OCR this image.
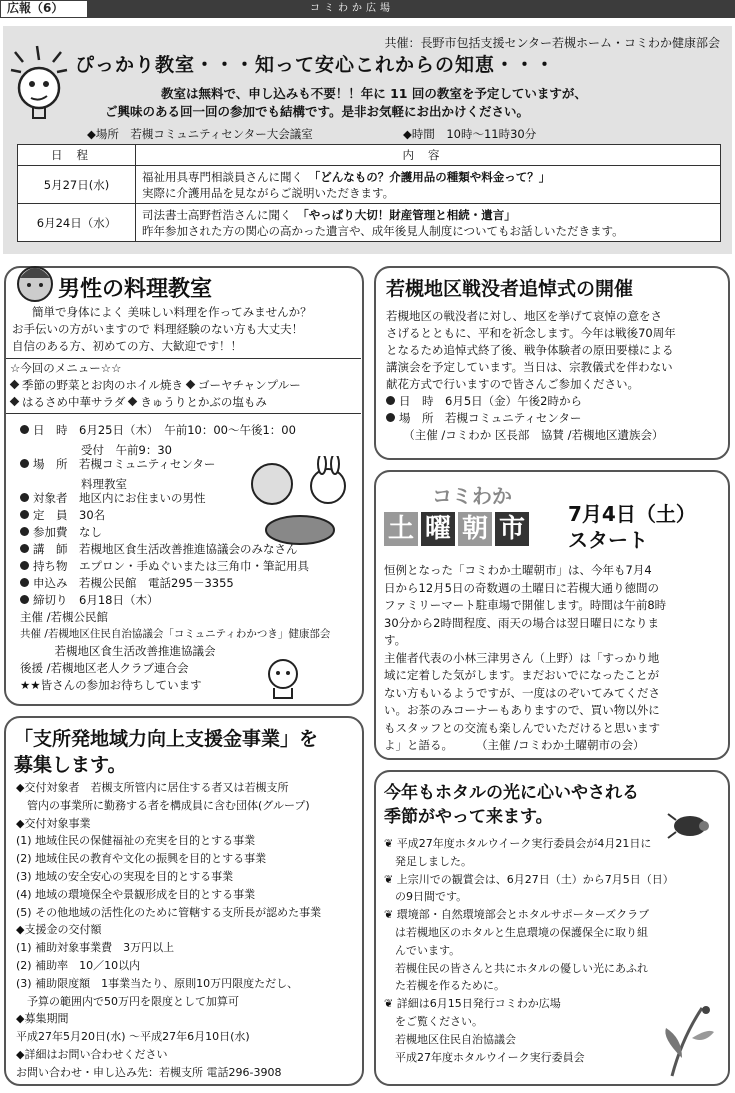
広報（6）	コミわか広場
共催：長野市包括支援センター若槻ホーム・コミわか健康部会
ぴっかり教室・・・知って安心これからの知恵・・・
教室は無料で、申し込みも不要！！年に 11 回の教室を予定していますが、
ご興味のある回一回の参加でも結構です。是非お気軽にお出かけください。
◆場所　若槻コミュニティセンター大会議室	◆時間　10時～11時30分
日程	内容
5月27日(水)	福祉用具専門相談員さんに聞く　 「どんなもの？介護用品の種類や料金って？」
実際に介護用品を見ながらご説明いただきます。

6月24日（水）	司法書士高野哲浩さんに聞く　 「やっぱり大切！財産管理と相続・遺言」
昨年参加された方の関心の高かった遺言や、成年後見人制度についてもお話しいただきます。
男性の料理教室
簡単で身体によく 美味しい料理を作ってみませんか？
お手伝いの方がいますので 料理経験のない方も大丈夫！
自信のある方、初めての方、大歓迎です！！
☆今回のメニュー☆☆
季節の野菜とお肉のホイル焼き ゴーヤチャンプルー
はるさめ中華サラダ きゅうりとかぶの塩もみ
日　時　6月25日（木）　午前10：00～午後1：00
　　　　受付　午前9：30
場　所　若槻コミュニティセンター
　　　　料理教室
対象者　地区内にお住まいの男性
定　員　30名
参加費　なし
講　師　若槻地区食生活改善推進協議会のみなさん
持ち物　エプロン・手ぬぐいまたは三角巾・筆記用具
申込み　若槻公民館　電話295－3355
締切り　6月18日（木）
主催 /若槻公民館
共催 /若槻地区住民自治協議会「コミュニティわかつき」健康部会
　　　若槻地区食生活改善推進協議会
後援 /若槻地区老人クラブ連合会
★★皆さんの参加お待ちしています
「支所発地域力向上支援金事業」を
募集します。
◆交付対象者　若槻支所管内に居住する者又は若槻支所
　管内の事業所に勤務する者を構成員に含む団体(グループ)
◆交付対象事業
(1) 地域住民の保健福祉の充実を目的とする事業
(2) 地域住民の教育や文化の振興を目的とする事業
(3) 地域の安全安心の実現を目的とする事業
(4) 地域の環境保全や景観形成を目的とする事業
(5) その他地域の活性化のために管轄する支所長が認めた事業
◆支援金の交付額
(1) 補助対象事業費　3万円以上
(2) 補助率　10／10以内
(3) 補助限度額　1事業当たり、原則10万円限度ただし、
　予算の範囲内で50万円を限度として加算可
◆募集期間
平成27年5月20日(水) ～平成27年6月10日(水)
◆詳細はお問い合わせください
お問い合わせ・申し込み先：若槻支所 電話296-3908
若槻地区戦没者追悼式の開催
若槻地区の戦没者に対し、地区を挙げて哀悼の意をさ
さげるとともに、平和を祈念します。今年は戦後70周年
となるため追悼式終了後、戦争体験者の原田要様による
講演会を予定しています。当日は、宗教儀式を伴わない
献花方式で行いますので皆さんご参加ください。
日　時　6月5日（金）午後2時から
場　所　若槻コミュニティセンター
　　（主催 /コミわか 区長部　協賛 /若槻地区遺族会）
コミわか
土 曜 朝 市 7月4日（土）
スタート
恒例となった「コミわか土曜朝市」は、今年も7月4
日から12月5日の奇数週の土曜日に若槻大通り徳間の
ファミリーマート駐車場で開催します。時間は午前8時
30分から2時間程度、雨天の場合は翌日曜日になりま
す。
主催者代表の小林三津男さん（上野）は「すっかり地
域に定着した気がします。まだおいでになったことが
ない方もいるようですが、一度はのぞいてみてくださ
い。お茶のみコーナーもありますので、買い物以外に
もスタッフとの交流も楽しんでいただけると思います
よ」と語る。　　　（主催 /コミわか土曜朝市の会）
今年もホタルの光に心いやされる
季節がやって来ます。
❦ 平成27年度ホタルウイーク実行委員会が4月21日に
　発足しました。
❦ 上宗川での観賞会は、6月27日（土）から7月5日（日）
　の9日間です。
❦ 環境部・自然環境部会とホタルサポーターズクラブ
　は若槻地区のホタルと生息環境の保護保全に取り組
　んでいます。
　若槻住民の皆さんと共にホタルの優しい光にあふれ
　た若槻を作るために。
❦ 詳細は6月15日発行コミわか広場
　をご覧ください。
　若槻地区住民自治協議会
　平成27年度ホタルウイーク実行委員会
